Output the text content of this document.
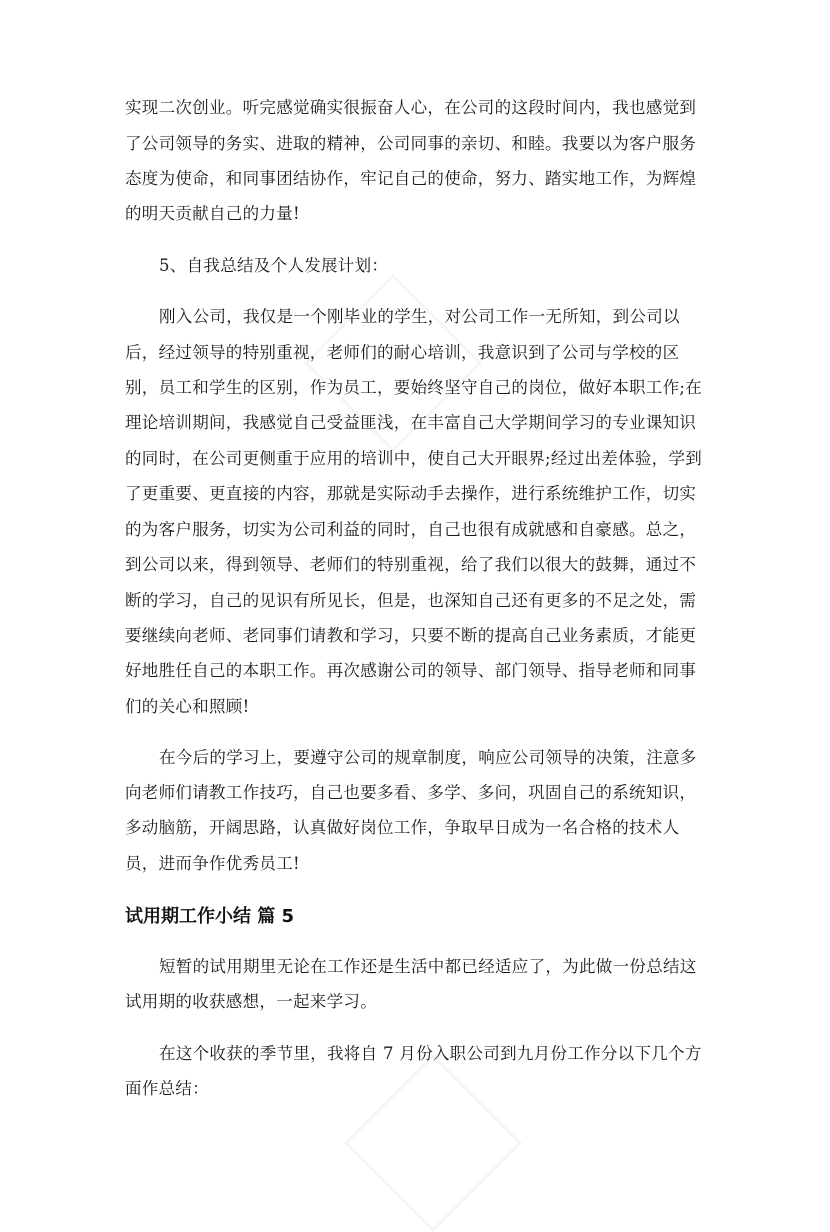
实现二次创业。听完感觉确实很振奋人心，在公司的这段时间内，我也感觉到
了公司领导的务实、进取的精神，公司同事的亲切、和睦。我要以为客户服务
态度为使命，和同事团结协作，牢记自己的使命，努力、踏实地工作，为辉煌
的明天贡献自己的力量!
5、自我总结及个人发展计划：
刚入公司，我仅是一个刚毕业的学生，对公司工作一无所知，到公司以
后，经过领导的特别重视，老师们的耐心培训，我意识到了公司与学校的区
别，员工和学生的区别，作为员工，要始终坚守自己的岗位，做好本职工作;在
理论培训期间，我感觉自己受益匪浅，在丰富自己大学期间学习的专业课知识
的同时，在公司更侧重于应用的培训中，使自己大开眼界;经过出差体验，学到
了更重要、更直接的内容，那就是实际动手去操作，进行系统维护工作，切实
的为客户服务，切实为公司利益的同时，自己也很有成就感和自豪感。总之，
到公司以来，得到领导、老师们的特别重视，给了我们以很大的鼓舞，通过不
断的学习，自己的见识有所见长，但是，也深知自己还有更多的不足之处，需
要继续向老师、老同事们请教和学习，只要不断的提高自己业务素质，才能更
好地胜任自己的本职工作。再次感谢公司的领导、部门领导、指导老师和同事
们的关心和照顾!
在今后的学习上，要遵守公司的规章制度，响应公司领导的决策，注意多
向老师们请教工作技巧，自己也要多看、多学、多问，巩固自己的系统知识，
多动脑筋，开阔思路，认真做好岗位工作，争取早日成为一名合格的技术人
员，进而争作优秀员工!
试用期工作小结 篇 5
短暂的试用期里无论在工作还是生活中都已经适应了，为此做一份总结这
试用期的收获感想，一起来学习。
在这个收获的季节里，我将自 7 月份入职公司到九月份工作分以下几个方
面作总结：
